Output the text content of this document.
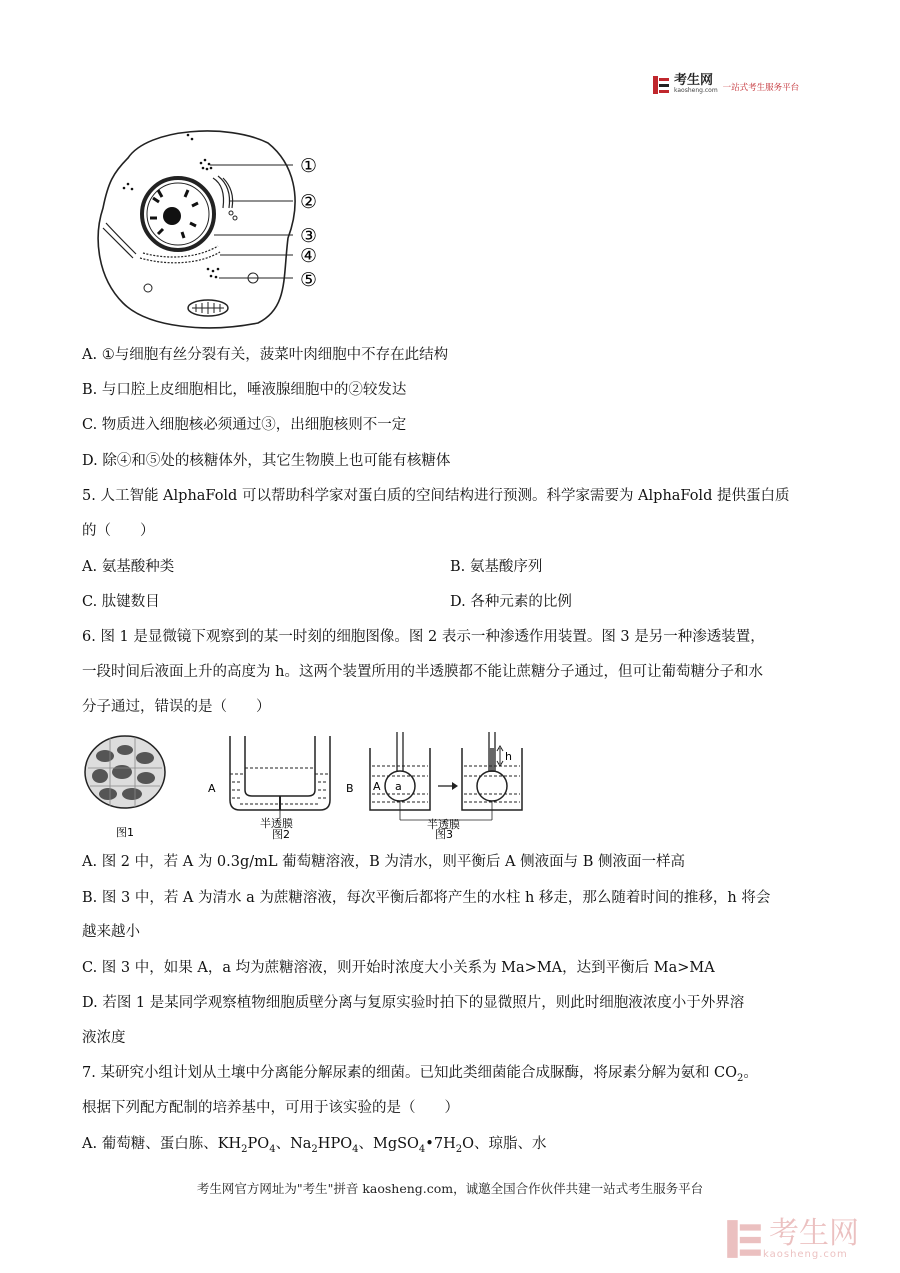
考生网
kaosheng.com 一站式考生服务平台
①
②
③
④
⑤
A. ①与细胞有丝分裂有关，菠菜叶肉细胞中不存在此结构
B. 与口腔上皮细胞相比，唾液腺细胞中的②较发达
C. 物质进入细胞核必须通过③，出细胞核则不一定
D. 除④和⑤处的核糖体外，其它生物膜上也可能有核糖体
5. 人工智能 AlphaFold 可以帮助科学家对蛋白质的空间结构进行预测。科学家需要为 AlphaFold 提供蛋白质
的（　　）
A. 氨基酸种类	B. 氨基酸序列
C. 肽键数目	D. 各种元素的比例
6. 图 1 是显微镜下观察到的某一时刻的细胞图像。图 2 表示一种渗透作用装置。图 3 是另一种渗透装置，
一段时间后液面上升的高度为 h。这两个装置所用的半透膜都不能让蔗糖分子通过，但可让葡萄糖分子和水
分子通过，错误的是（　　）
图1
A	B
半透膜
图2
h
A a
半透膜
图3
A. 图 2 中，若 A 为 0.3g/mL 葡萄糖溶液，B 为清水，则平衡后 A 侧液面与 B 侧液面一样高
B. 图 3 中，若 A 为清水 a 为蔗糖溶液，每次平衡后都将产生的水柱 h 移走，那么随着时间的推移，h 将会
越来越小
C. 图 3 中，如果 A，a 均为蔗糖溶液，则开始时浓度大小关系为 Ma>MA，达到平衡后 Ma>MA
D. 若图 1 是某同学观察植物细胞质壁分离与复原实验时拍下的显微照片，则此时细胞液浓度小于外界溶
液浓度
7. 某研究小组计划从土壤中分离能分解尿素的细菌。已知此类细菌能合成脲酶，将尿素分解为氨和 $CO_2$。
根据下列配方配制的培养基中，可用于该实验的是（　　）
A. 葡萄糖、蛋白胨、$KH_2PO_4$、$Na_2HPO_4$、$MgSO_4•7H_2O$、琼脂、水
考生网官方网址为"考生"拼音 kaosheng.com，诚邀全国合作伙伴共建一站式考生服务平台
考生网
kaosheng.com
